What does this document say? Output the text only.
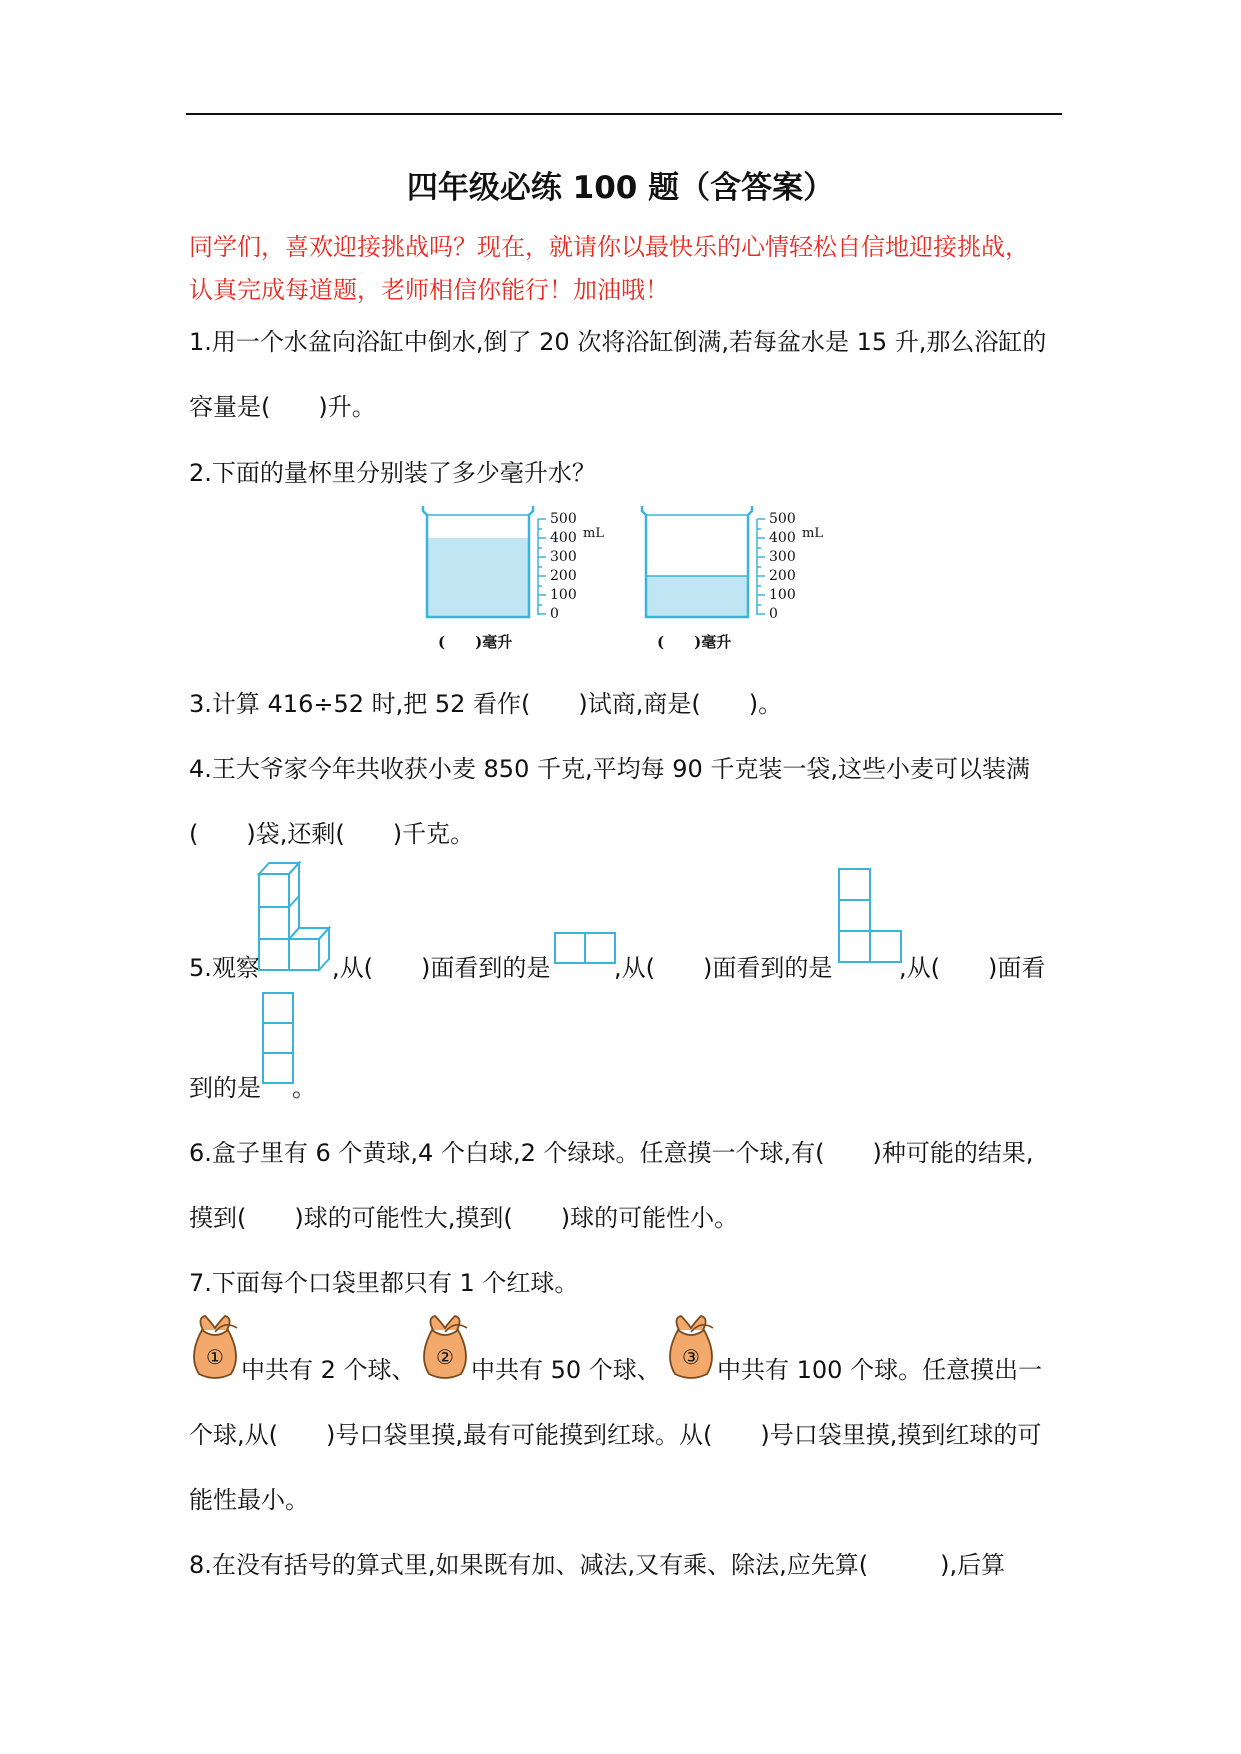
四年级必练 100 题（含答案）
同学们，喜欢迎接挑战吗？现在，就请你以最快乐的心情轻松自信地迎接挑战，
认真完成每道题，老师相信你能行！加油哦！
1.用一个水盆向浴缸中倒水,倒了 20 次将浴缸倒满,若每盆水是 15 升,那么浴缸的
容量是(　　)升。
2.下面的量杯里分别装了多少毫升水？
500
400
300
200
100
0
mL
(　　)毫升
500
400
300
200
100
0
mL
(　　)毫升
3.计算 416÷52 时,把 52 看作(　　)试商,商是(　　)。
4.王大爷家今年共收获小麦 850 千克,平均每 90 千克装一袋,这些小麦可以装满
(　　)袋,还剩(　　)千克。
5.观察	,从(　　)面看到的是	,从(　　)面看到的是	,从(　　)面看
到的是 。
6.盒子里有 6 个黄球,4 个白球,2 个绿球。任意摸一个球,有(　　)种可能的结果,
摸到(　　)球的可能性大,摸到(　　)球的可能性小。
7.下面每个口袋里都只有 1 个红球。
① 中共有 2 个球、 ② 中共有 50 个球、 ③ 中共有 100 个球。任意摸出一
个球,从(　　)号口袋里摸,最有可能摸到红球。从(　　)号口袋里摸,摸到红球的可
能性最小。
8.在没有括号的算式里,如果既有加、减法,又有乘、除法,应先算(　　　),后算
